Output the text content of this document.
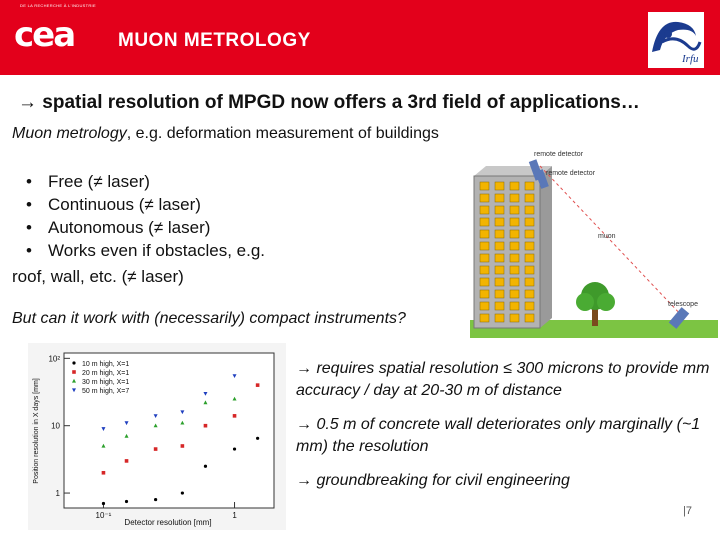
DE LA RECHERCHE À L'INDUSTRIE
cea MUON METROLOGY
Irfu
→ spatial resolution of MPGD now offers a 3rd field of applications…
Muon metrology, e.g. deformation measurement of buildings
• Free (≠ laser)
• Continuous (≠ laser)
• Autonomous (≠ laser)
• Works even if obstacles, e.g.
roof, wall, etc. (≠ laser)
But can it work with (necessarily) compact instruments?
remote detector
remote detector
muon
telescope
10²
10
1
10⁻¹	1
10 m high, X=1
20 m high, X=1
30 m high, X=1
50 m high, X=7
Detector resolution [mm]
Position resolution in X days [mm]

→ requires spatial resolution ≤ 300 microns to provide mm accuracy / day at 20-30 m of distance

→ 0.5 m of concrete wall deteriorates only marginally (~1 mm) the resolution

→ groundbreaking for civil engineering

|7
